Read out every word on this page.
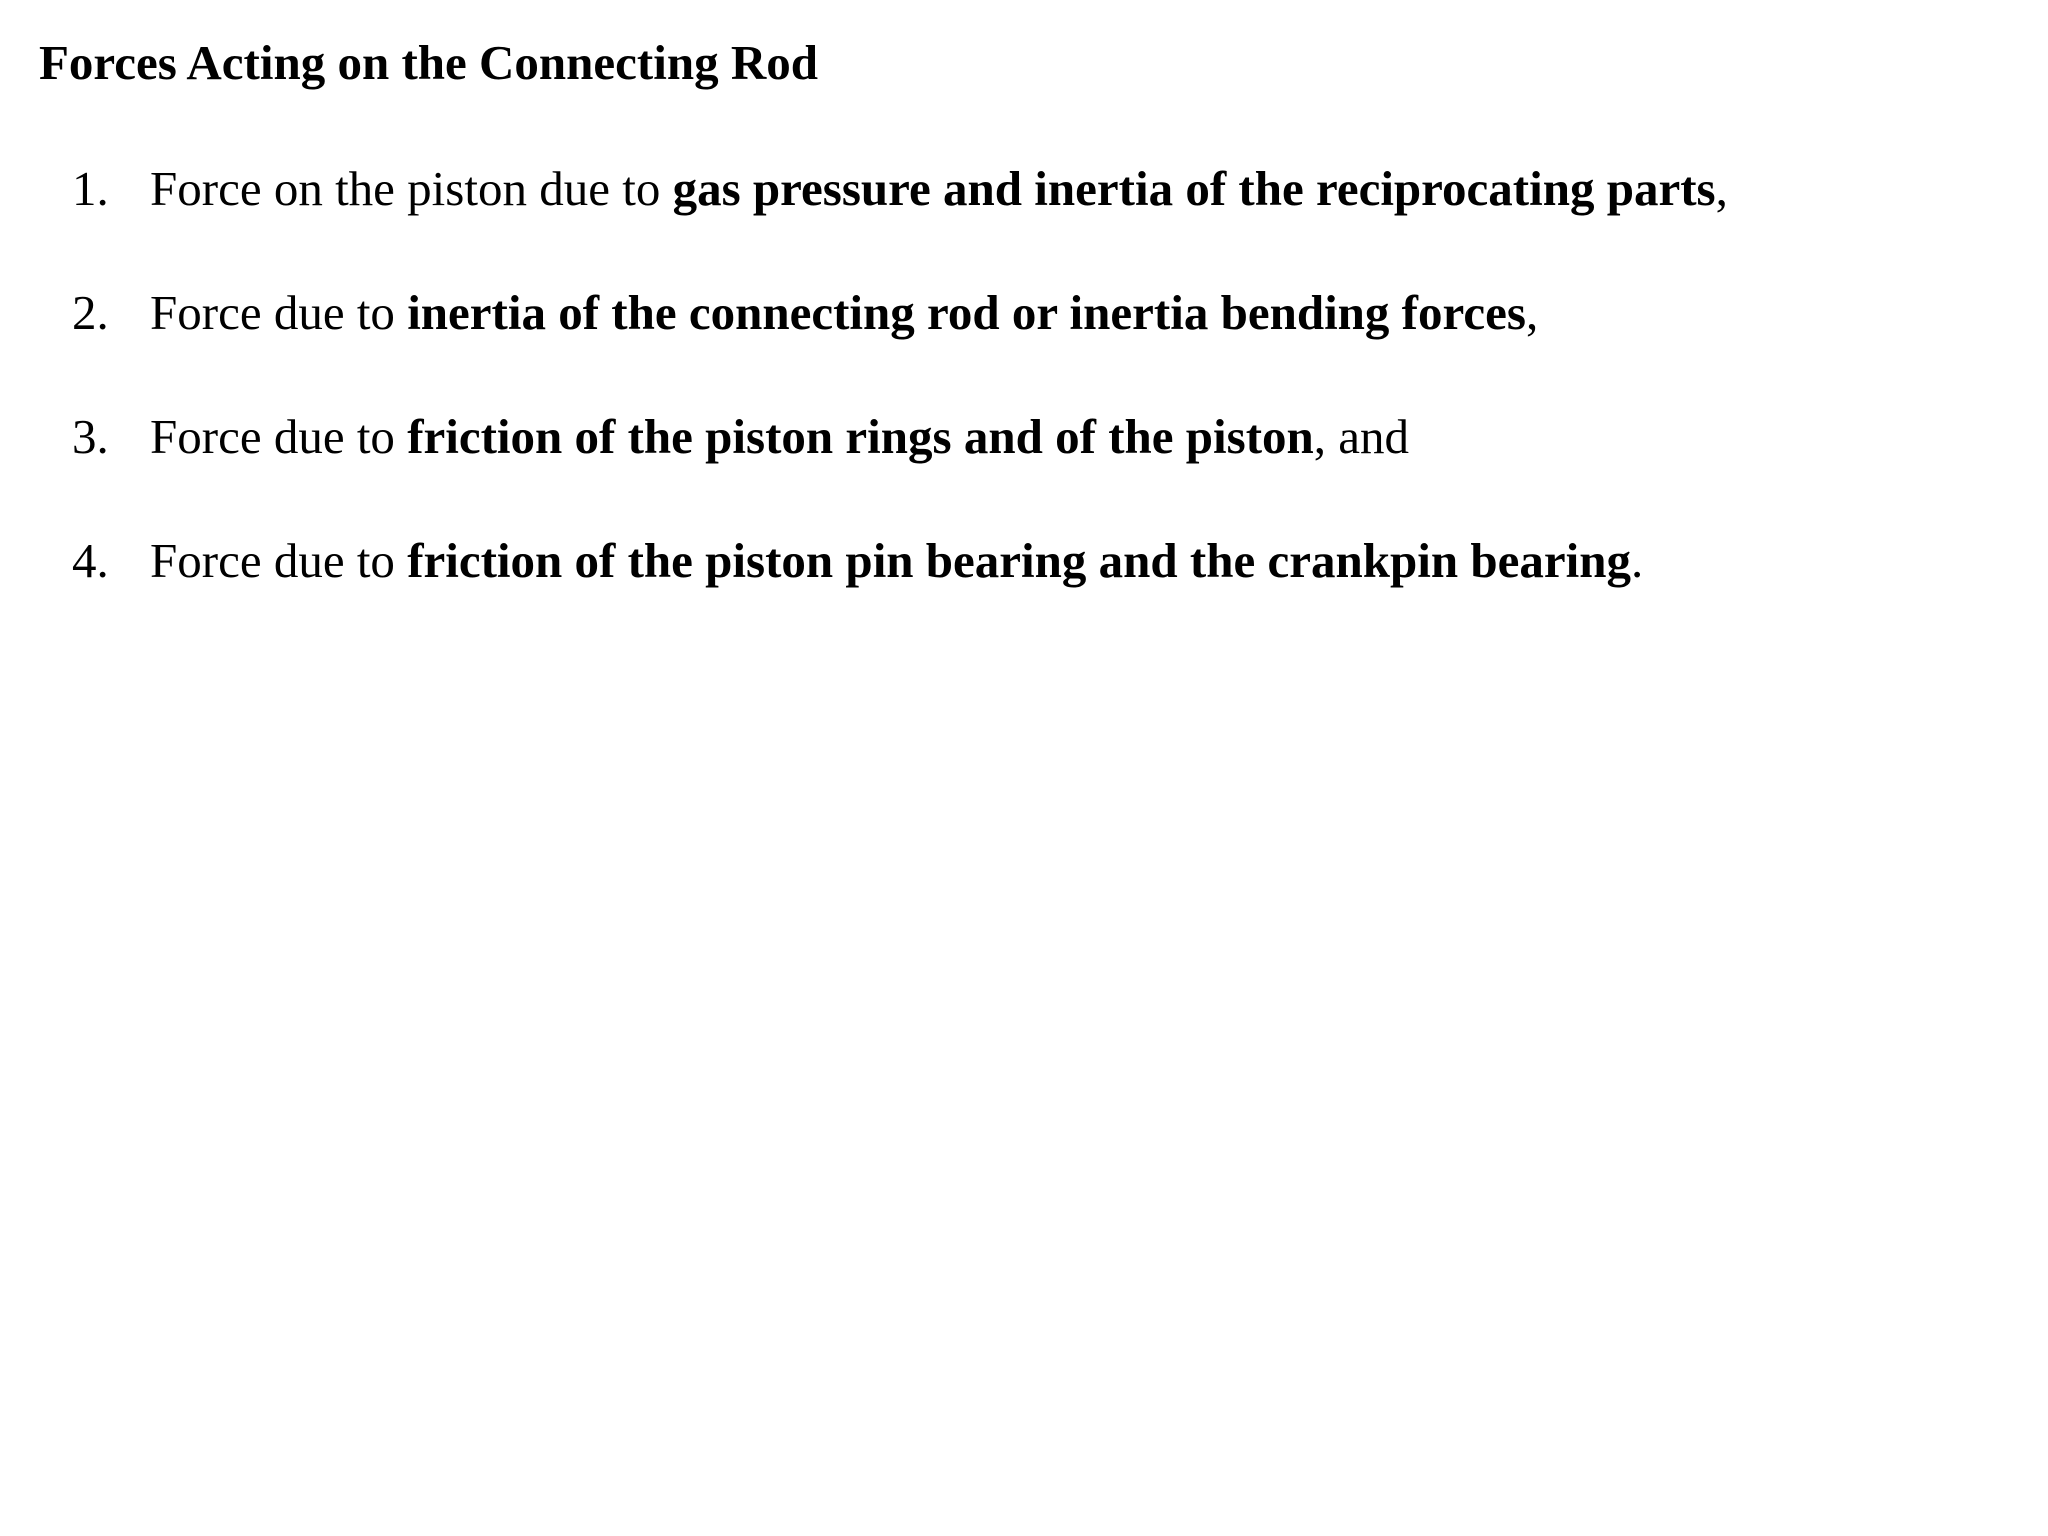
Forces Acting on the Connecting Rod
1. Force on the piston due to gas pressure and inertia of the reciprocating parts,
2. Force due to inertia of the connecting rod or inertia bending forces,
3. Force due to friction of the piston rings and of the piston, and
4. Force due to friction of the piston pin bearing and the crankpin bearing.
